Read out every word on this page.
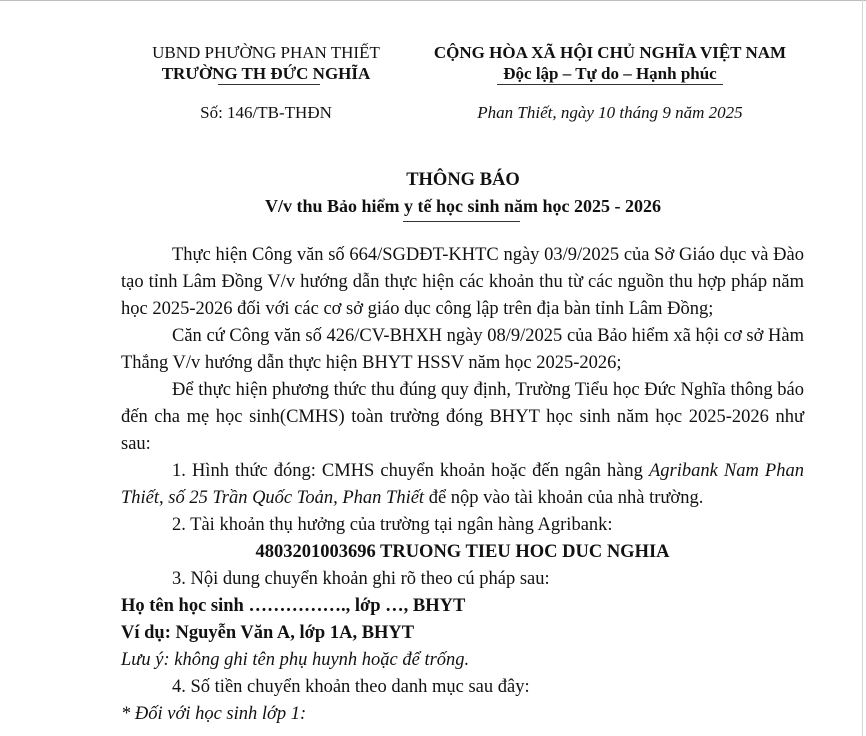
UBND PHƯỜNG PHAN THIẾT
TRƯỜNG TH ĐỨC NGHĨA
CỘNG HÒA XÃ HỘI CHỦ NGHĨA VIỆT NAM
Độc lập – Tự do – Hạnh phúc
Số: 146/TB-THĐN	Phan Thiết, ngày 10 tháng 9 năm 2025
THÔNG BÁO
V/v thu Bảo hiểm y tế học sinh năm học 2025 - 2026

Thực hiện Công văn số 664/SGDĐT-KHTC ngày 03/9/2025 của Sở Giáo dục và Đào tạo tỉnh Lâm Đồng V/v hướng dẫn thực hiện các khoản thu từ các nguồn thu hợp pháp năm học 2025-2026 đối với các cơ sở giáo dục công lập trên địa bàn tỉnh Lâm Đồng;

Căn cứ Công văn số 426/CV-BHXH ngày 08/9/2025 của Bảo hiểm xã hội cơ sở Hàm Thắng V/v hướng dẫn thực hiện BHYT HSSV năm học 2025-2026;

Để thực hiện phương thức thu đúng quy định, Trường Tiểu học Đức Nghĩa thông báo đến cha mẹ học sinh(CMHS) toàn trường đóng BHYT học sinh năm học 2025-2026 như sau:

1. Hình thức đóng: CMHS chuyển khoản hoặc đến ngân hàng Agribank Nam Phan Thiết, số 25 Trần Quốc Toản, Phan Thiết để nộp vào tài khoản của nhà trường.

2. Tài khoản thụ hưởng của trường tại ngân hàng Agribank:

4803201003696 TRUONG TIEU HOC DUC NGHIA

3. Nội dung chuyển khoản ghi rõ theo cú pháp sau:

Họ tên học sinh ……………., lớp …, BHYT

Ví dụ: Nguyễn Văn A, lớp 1A, BHYT

Lưu ý: không ghi tên phụ huynh hoặc để trống.

4. Số tiền chuyển khoản theo danh mục sau đây:

* Đối với học sinh lớp 1:
